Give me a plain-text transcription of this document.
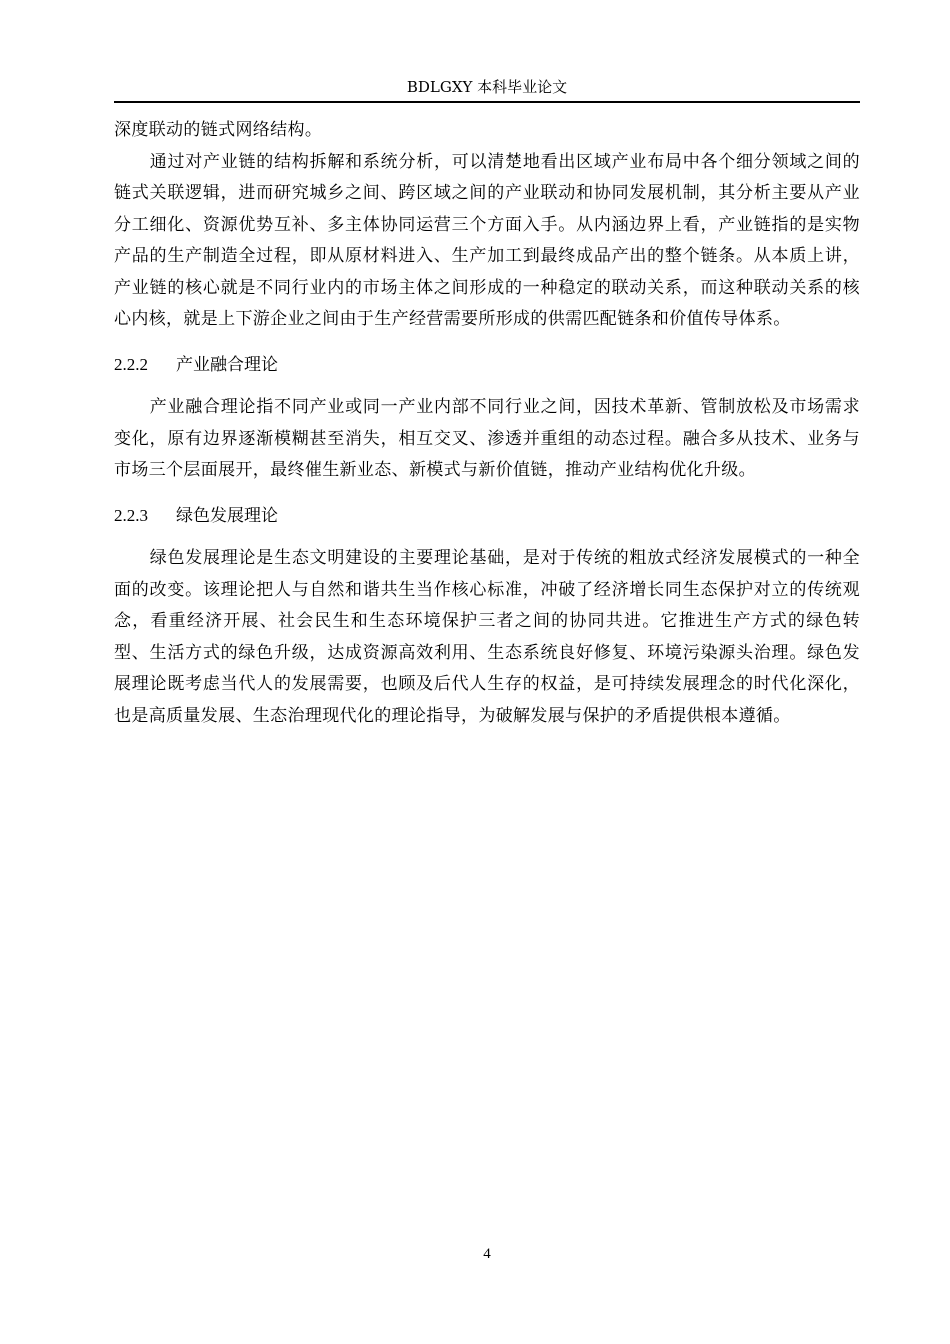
BDLGXY 本科毕业论文

深度联动的链式网络结构。

通过对产业链的结构拆解和系统分析，可以清楚地看出区域产业布局中各个细分领域之间的链式关联逻辑，进而研究城乡之间、跨区域之间的产业联动和协同发展机制，其分析主要从产业分工细化、资源优势互补、多主体协同运营三个方面入手。从内涵边界上看，产业链指的是实物产品的生产制造全过程，即从原材料进入、生产加工到最终成品产出的整个链条。从本质上讲，产业链的核心就是不同行业内的市场主体之间形成的一种稳定的联动关系，而这种联动关系的核心内核，就是上下游企业之间由于生产经营需要所形成的供需匹配链条和价值传导体系。

2.2.2 产业融合理论

产业融合理论指不同产业或同一产业内部不同行业之间，因技术革新、管制放松及市场需求变化，原有边界逐渐模糊甚至消失，相互交叉、渗透并重组的动态过程。融合多从技术、业务与市场三个层面展开，最终催生新业态、新模式与新价值链，推动产业结构优化升级。

2.2.3 绿色发展理论

绿色发展理论是生态文明建设的主要理论基础，是对于传统的粗放式经济发展模式的一种全面的改变。该理论把人与自然和谐共生当作核心标准，冲破了经济增长同生态保护对立的传统观念，看重经济开展、社会民生和生态环境保护三者之间的协同共进。它推进生产方式的绿色转型、生活方式的绿色升级，达成资源高效利用、生态系统良好修复、环境污染源头治理。绿色发展理论既考虑当代人的发展需要，也顾及后代人生存的权益，是可持续发展理念的时代化深化，也是高质量发展、生态治理现代化的理论指导，为破解发展与保护的矛盾提供根本遵循。

4
